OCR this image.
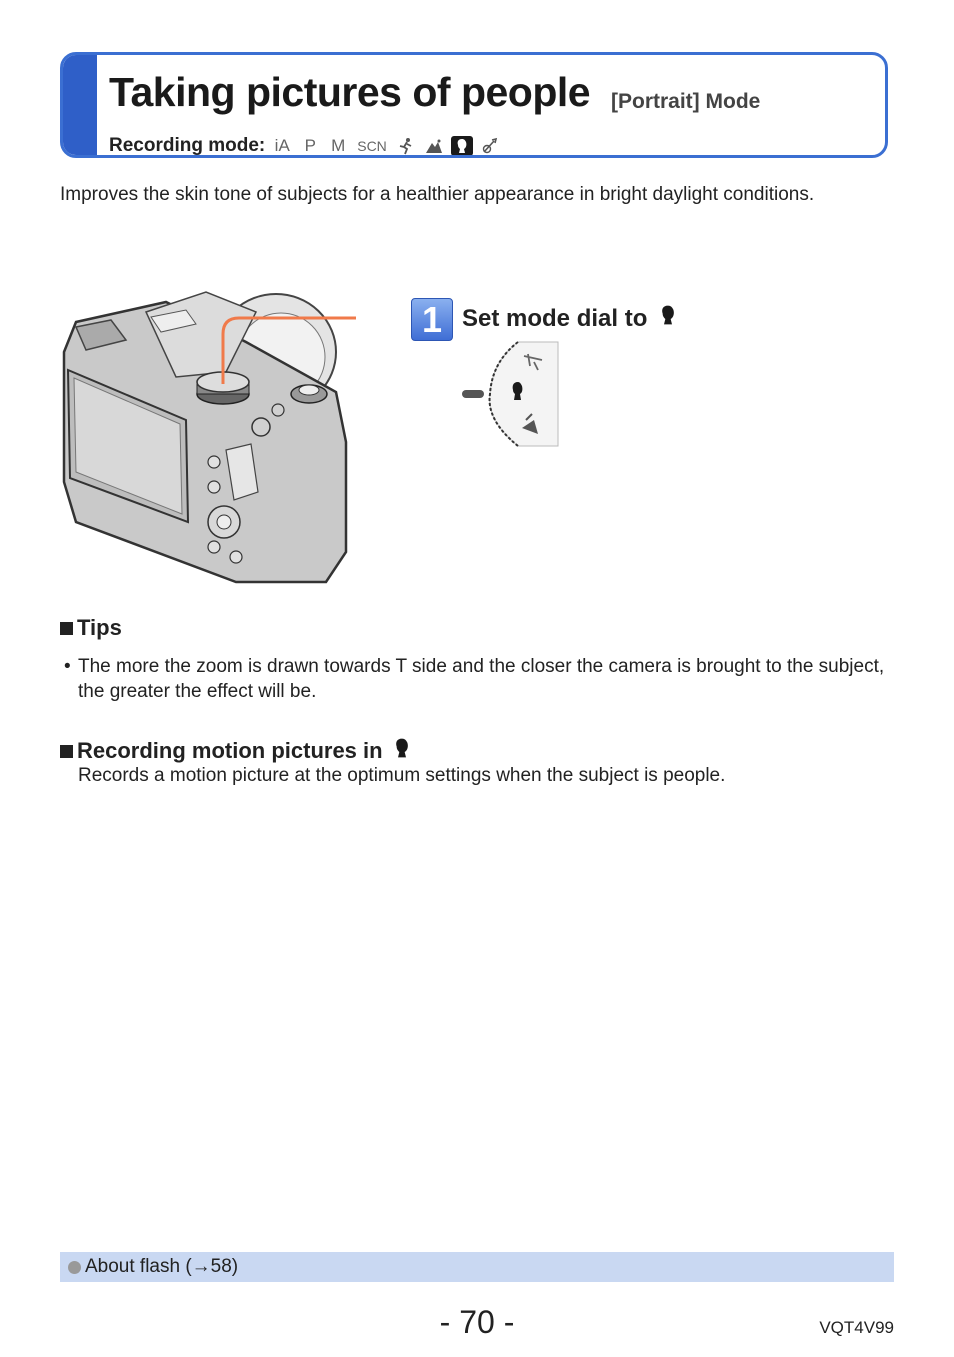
Taking pictures of people [Portrait] Mode
Recording mode: iA P M SCN

Improves the skin tone of subjects for a healthier appearance in bright daylight conditions.

1 Set mode dial to
Tips
• The more the zoom is drawn towards T side and the closer the camera is brought to the subject, the greater the effect will be.
Recording motion pictures in

Records a motion picture at the optimum settings when the subject is people.

About flash (→58)
- 70 -	VQT4V99
